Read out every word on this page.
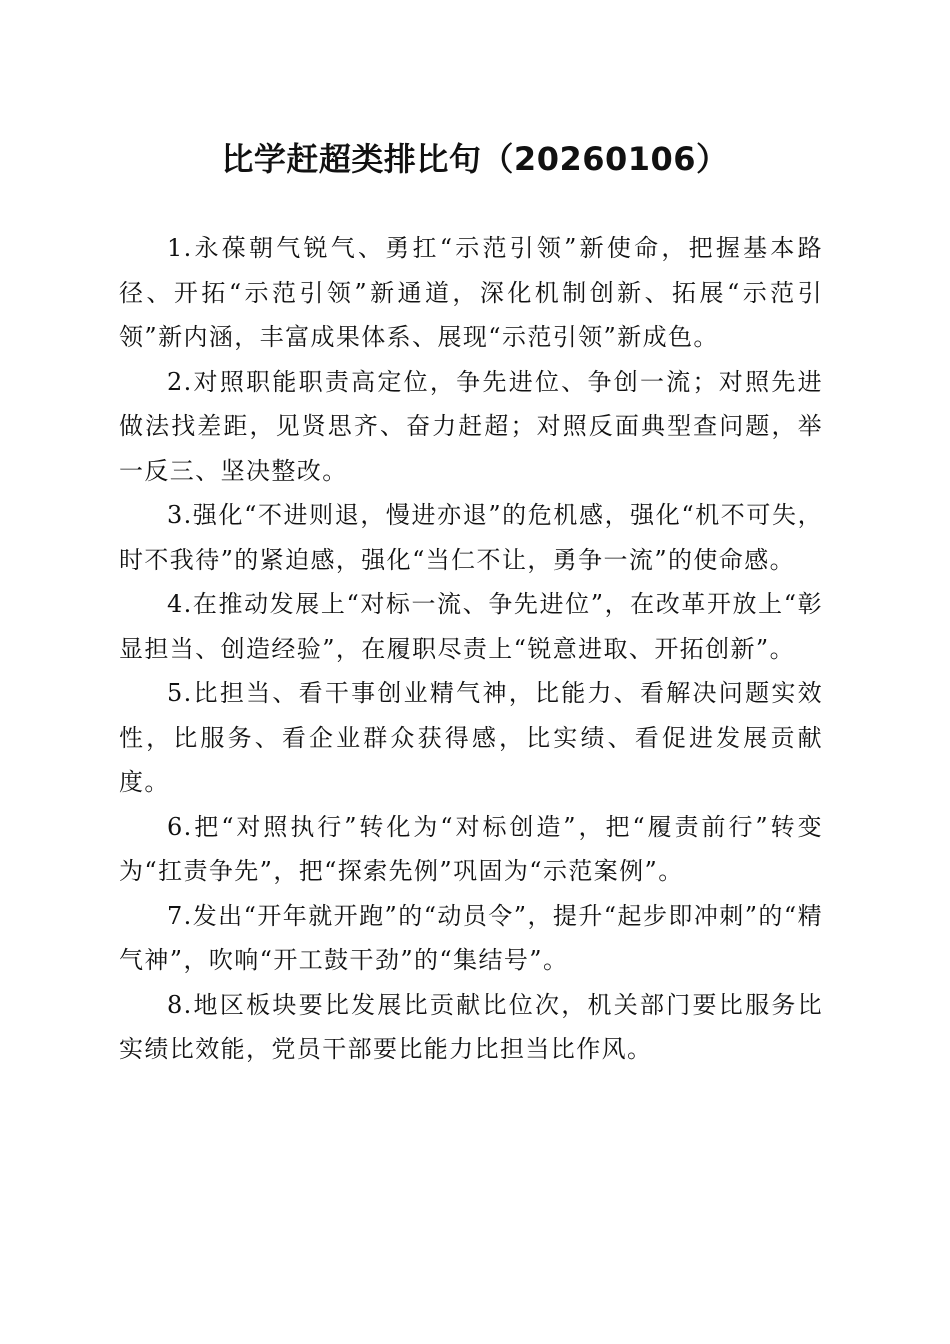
比学赶超类排比句（20260106）

1.永葆朝气锐气、勇扛“示范引领”新使命，把握基本路径、开拓“示范引领”新通道，深化机制创新、拓展“示范引领”新内涵，丰富成果体系、展现“示范引领”新成色。

2.对照职能职责高定位，争先进位、争创一流；对照先进做法找差距，见贤思齐、奋力赶超；对照反面典型查问题，举一反三、坚决整改。

3.强化“不进则退，慢进亦退”的危机感，强化“机不可失，时不我待”的紧迫感，强化“当仁不让，勇争一流”的使命感。

4.在推动发展上“对标一流、争先进位”，在改革开放上“彰显担当、创造经验”，在履职尽责上“锐意进取、开拓创新”。

5.比担当、看干事创业精气神，比能力、看解决问题实效性，比服务、看企业群众获得感，比实绩、看促进发展贡献度。

6.把“对照执行”转化为“对标创造”，把“履责前行”转变为“扛责争先”，把“探索先例”巩固为“示范案例”。

7.发出“开年就开跑”的“动员令”，提升“起步即冲刺”的“精气神”，吹响“开工鼓干劲”的“集结号”。

8.地区板块要比发展比贡献比位次，机关部门要比服务比实绩比效能，党员干部要比能力比担当比作风。
